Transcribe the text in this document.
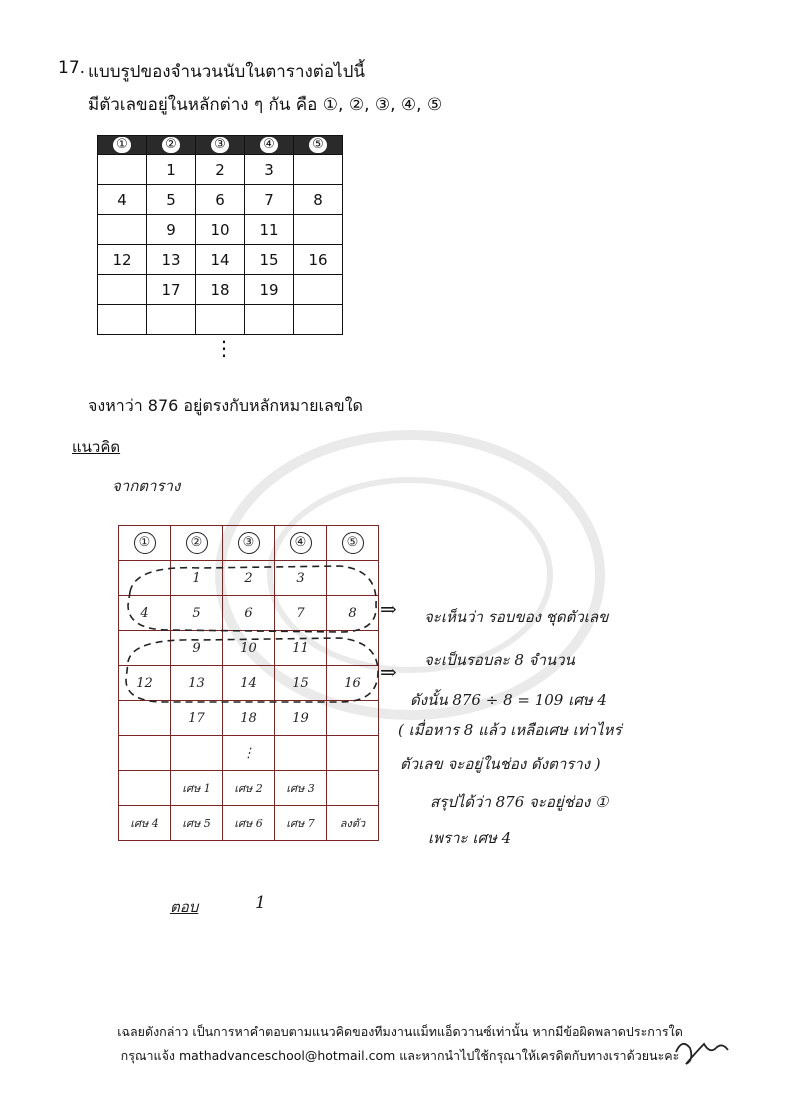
17. แบบรูปของจำนวนนับในตารางต่อไปนี้
มีตัวเลขอยู่ในหลักต่าง ๆ กัน คือ ①, ②, ③, ④, ⑤
①	②	③	④	⑤
	1	2	3	
4	5	6	7	8
	9	10	11	
12	13	14	15	16
	17	18	19	

⋮
จงหาว่า 876 อยู่ตรงกับหลักหมายเลขใด
แนวคิด
จากตาราง
①	②	③	④	⑤
	1	2	3	
4	5	6	7	8
	9	10	11	
12	13	14	15	16
	17	18	19	
		⋮		
	เศษ 1	เศษ 2	เศษ 3	
เศษ 4	เศษ 5	เศษ 6	เศษ 7	ลงตัว
⇒
⇒
จะเห็นว่า รอบของ ชุดตัวเลข
จะเป็นรอบละ 8 จำนวน
ดังนั้น 876 ÷ 8 = 109 เศษ 4
( เมื่อหาร 8 แล้ว เหลือเศษ เท่าไหร่
ตัวเลข จะอยู่ในช่อง ดังตาราง )
สรุปได้ว่า 876 จะอยู่ช่อง ①
เพราะ เศษ 4
ตอบ	1
เฉลยดังกล่าว เป็นการหาคำตอบตามแนวคิดของทีมงานแม็ทแอ็ดวานซ์เท่านั้น หากมีข้อผิดพลาดประการใด
กรุณาแจ้ง mathadvanceschool@hotmail.com และหากนำไปใช้กรุณาให้เครดิตกับทางเราด้วยนะคะ
